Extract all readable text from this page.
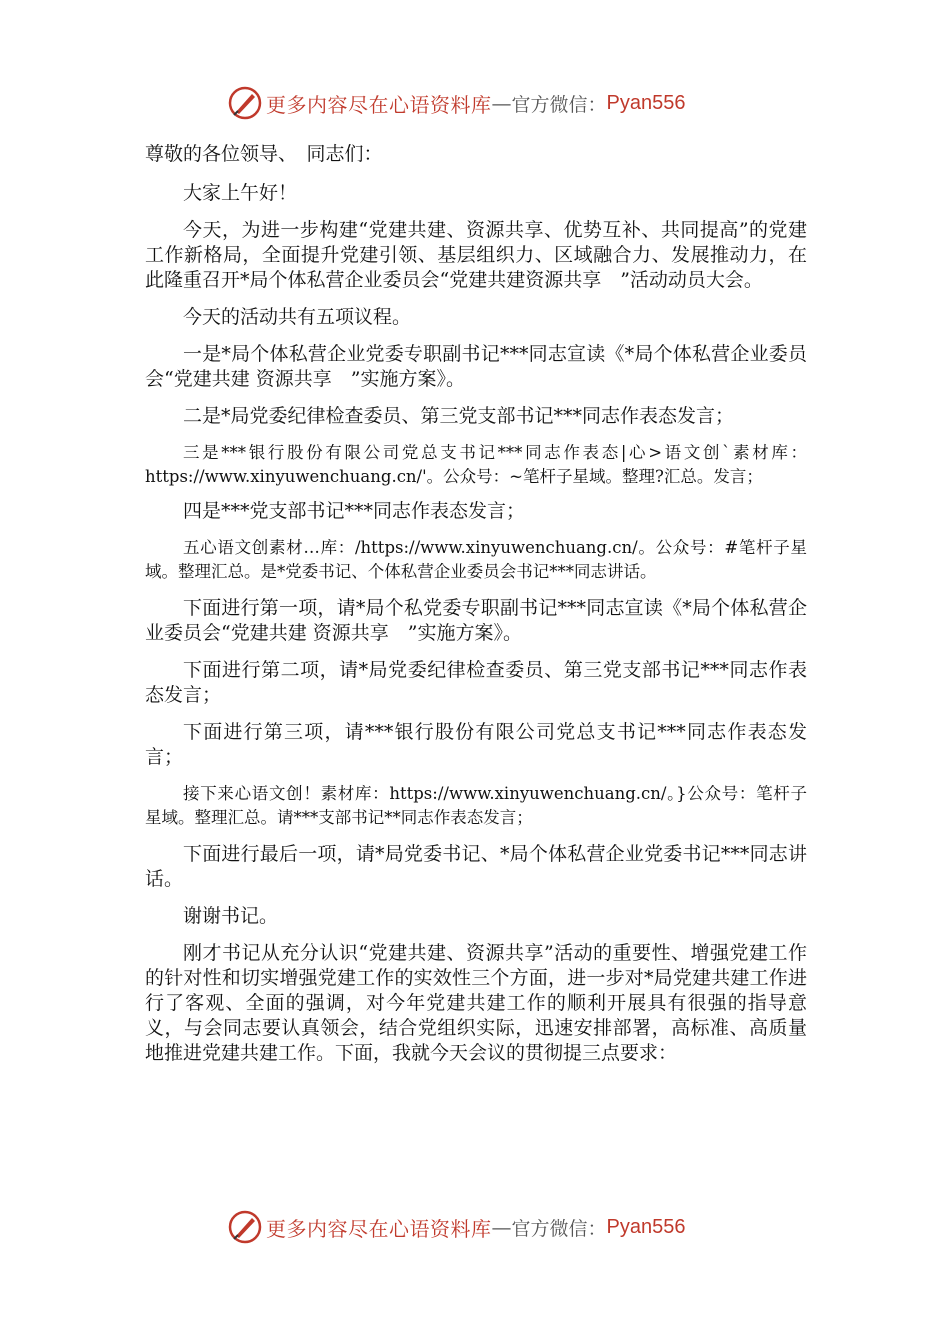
更多内容尽在心语资料库 — 官方微信： Pyan556

尊敬的各位领导、　同志们：

大家上午好！

今天，为进一步构建“党建共建、资源共享、优势互补、共同提高”的党建工作新格局，全面提升党建引领、基层组织力、区域融合力、发展推动力，在此隆重召开*局个体私营企业委员会“党建共建资源共享　”活动动员大会。

今天的活动共有五项议程。

一是*局个体私营企业党委专职副书记***同志宣读《*局个体私营企业委员会“党建共建 资源共享　”实施方案》。

二是*局党委纪律检查委员、第三党支部书记***同志作表态发言；

三是***银行股份有限公司党总支书记***同志作表态|心>语文创`素材库：https://www.xinyuwenchuang.cn/'。公众号：~笔杆子星域。整理?汇总。发言；

四是***党支部书记***同志作表态发言；

五心语文创素材…库：/https://www.xinyuwenchuang.cn/。公众号：#笔杆子星域。整理汇总。是*党委书记、个体私营企业委员会书记***同志讲话。

下面进行第一项，请*局个私党委专职副书记***同志宣读《*局个体私营企业委员会“党建共建 资源共享　”实施方案》。

下面进行第二项，请*局党委纪律检查委员、第三党支部书记***同志作表态发言；

下面进行第三项，请***银行股份有限公司党总支书记***同志作表态发言；

接下来心语文创！素材库：https://www.xinyuwenchuang.cn/。}公众号：笔杆子星域。整理汇总。请***支部书记**同志作表态发言；

下面进行最后一项，请*局党委书记、*局个体私营企业党委书记***同志讲话。

谢谢书记。

刚才书记从充分认识“党建共建、资源共享”活动的重要性、增强党建工作的针对性和切实增强党建工作的实效性三个方面，进一步对*局党建共建工作进行了客观、全面的强调，对今年党建共建工作的顺利开展具有很强的指导意义，与会同志要认真领会，结合党组织实际，迅速安排部署，高标准、高质量地推进党建共建工作。下面，我就今天会议的贯彻提三点要求：

更多内容尽在心语资料库 — 官方微信： Pyan556
